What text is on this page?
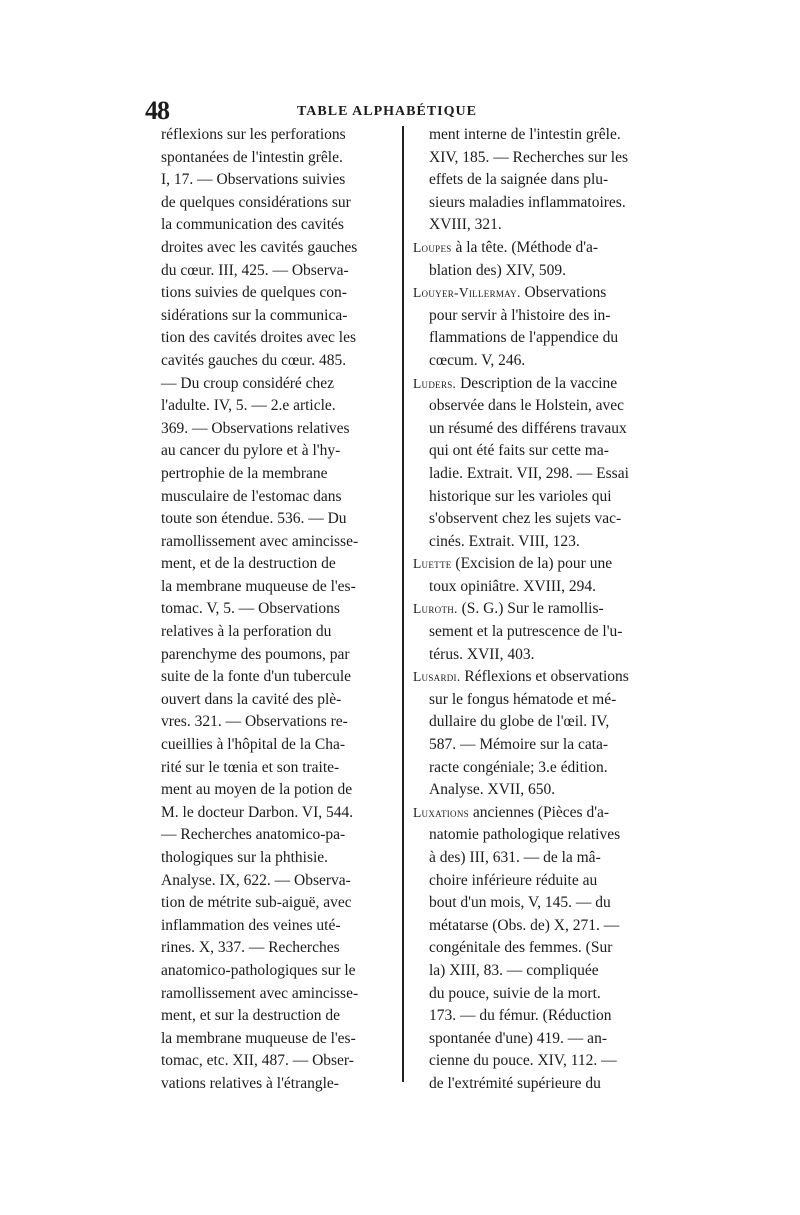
48	TABLE ALPHABÉTIQUE
réflexions sur les perforations
spontanées de l'intestin grêle.
I, 17. — Observations suivies
de quelques considérations sur
la communication des cavités
droites avec les cavités gauches
du cœur. III, 425. — Observa-
tions suivies de quelques con-
sidérations sur la communica-
tion des cavités droites avec les
cavités gauches du cœur. 485.
— Du croup considéré chez
l'adulte. IV, 5. — 2.e article.
369. — Observations relatives
au cancer du pylore et à l'hy-
pertrophie de la membrane
musculaire de l'estomac dans
toute son étendue. 536. — Du
ramollissement avec amincisse-
ment, et de la destruction de
la membrane muqueuse de l'es-
tomac. V, 5. — Observations
relatives à la perforation du
parenchyme des poumons, par
suite de la fonte d'un tubercule
ouvert dans la cavité des plè-
vres. 321. — Observations re-
cueillies à l'hôpital de la Cha-
rité sur le tœnia et son traite-
ment au moyen de la potion de
M. le docteur Darbon. VI, 544.
— Recherches anatomico-pa-
thologiques sur la phthisie.
Analyse. IX, 622. — Observa-
tion de métrite sub-aiguë, avec
inflammation des veines uté-
rines. X, 337. — Recherches
anatomico-pathologiques sur le
ramollissement avec amincisse-
ment, et sur la destruction de
la membrane muqueuse de l'es-
tomac, etc. XII, 487. — Obser-
vations relatives à l'étrangle-
ment interne de l'intestin grêle.
XIV, 185. — Recherches sur les
effets de la saignée dans plu-
sieurs maladies inflammatoires.
XVIII, 321.
Loupes à la tête. (Méthode d'a-
blation des) XIV, 509.
Louyer-Villermay. Observations
pour servir à l'histoire des in-
flammations de l'appendice du
cœcum. V, 246.
Luders. Description de la vaccine
observée dans le Holstein, avec
un résumé des différens travaux
qui ont été faits sur cette ma-
ladie. Extrait. VII, 298. — Essai
historique sur les varioles qui
s'observent chez les sujets vac-
cinés. Extrait. VIII, 123.
Luette (Excision de la) pour une
toux opiniâtre. XVIII, 294.
Luroth. (S. G.) Sur le ramollis-
sement et la putrescence de l'u-
térus. XVII, 403.
Lusardi. Réflexions et observations
sur le fongus hématode et mé-
dullaire du globe de l'œil. IV,
587. — Mémoire sur la cata-
racte congéniale; 3.e édition.
Analyse. XVII, 650.
Luxations anciennes (Pièces d'a-
natomie pathologique relatives
à des) III, 631. — de la mâ-
choire inférieure réduite au
bout d'un mois, V, 145. — du
métatarse (Obs. de) X, 271. —
congénitale des femmes. (Sur
la) XIII, 83. — compliquée
du pouce, suivie de la mort.
173. — du fémur. (Réduction
spontanée d'une) 419. — an-
cienne du pouce. XIV, 112. —
de l'extrémité supérieure du
